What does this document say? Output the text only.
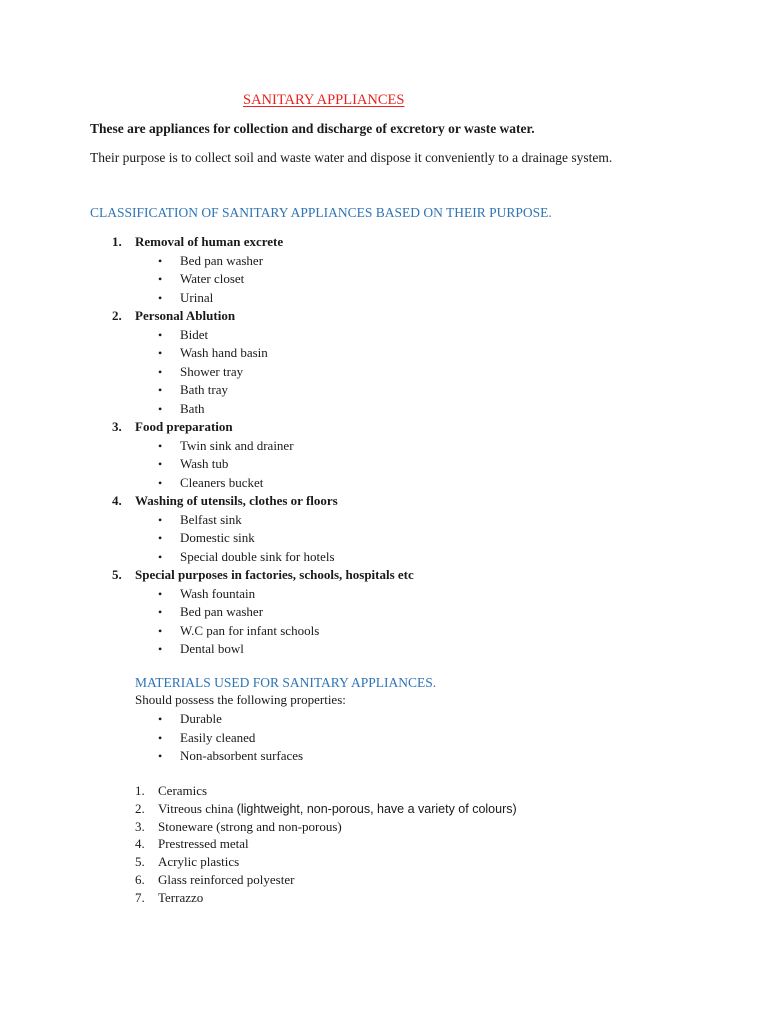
SANITARY APPLIANCES
These are appliances for collection and discharge of excretory or waste water.
Their purpose is to collect soil and waste water and dispose it conveniently to a drainage system.
CLASSIFICATION OF SANITARY APPLIANCES BASED ON THEIR PURPOSE.
1. Removal of human excrete
• Bed pan washer
• Water closet
• Urinal
2. Personal Ablution
• Bidet
• Wash hand basin
• Shower tray
• Bath tray
• Bath
3. Food preparation
• Twin sink and drainer
• Wash tub
• Cleaners bucket
4. Washing of utensils, clothes or floors
• Belfast sink
• Domestic sink
• Special double sink for hotels
5. Special purposes in factories, schools, hospitals etc
• Wash fountain
• Bed pan washer
• W.C pan for infant schools
• Dental bowl
MATERIALS USED FOR SANITARY APPLIANCES.
Should possess the following properties:
• Durable
• Easily cleaned
• Non-absorbent surfaces
1. Ceramics
2. Vitreous china (lightweight, non-porous, have a variety of colours)
3. Stoneware (strong and non-porous)
4. Prestressed metal
5. Acrylic plastics
6. Glass reinforced polyester
7. Terrazzo
